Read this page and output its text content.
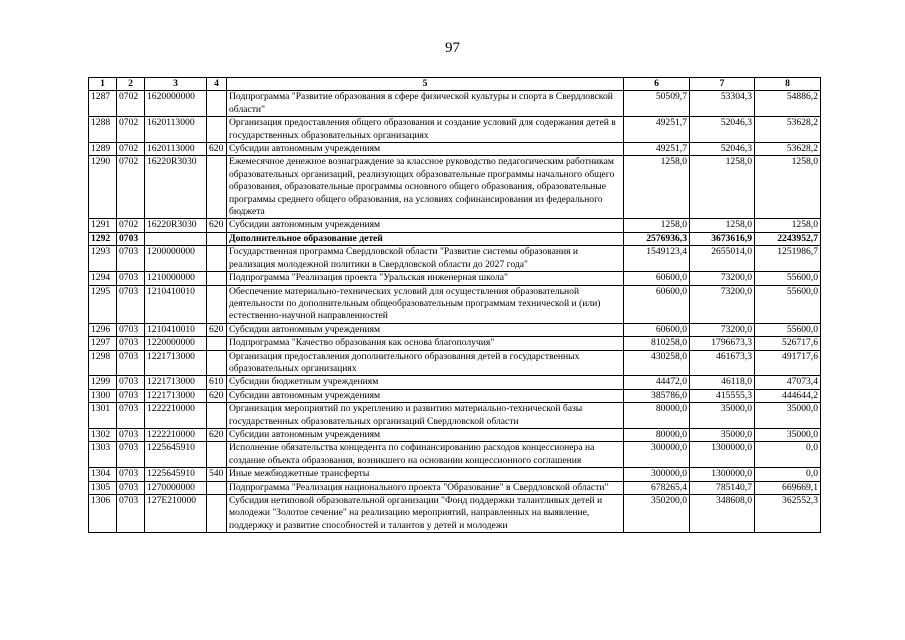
97
1	2	3	4	5	6	7	8
1287	0702	1620000000		Подпрограмма "Развитие образования в сфере физической культуры и спорта в Свердловской области"	50509,7	53304,3	54886,2
1288	0702	1620113000		Организация предоставления общего образования и создание условий для содержания детей в государственных образовательных организациях	49251,7	52046,3	53628,2
1289	0702	1620113000	620	Субсидии автономным учреждениям	49251,7	52046,3	53628,2
1290	0702	16220R3030		Ежемесячное денежное вознаграждение за классное руководство педагогическим работникам образовательных организаций, реализующих образовательные программы начального общего образования, образовательные программы основного общего образования, образовательные программы среднего общего образования, на условиях софинансирования из федерального бюджета	1258,0	1258,0	1258,0
1291	0702	16220R3030	620	Субсидии автономным учреждениям	1258,0	1258,0	1258,0
1292	0703			Дополнительное образование детей	2576936,3	3673616,9	2243952,7
1293	0703	1200000000		Государственная программа Свердловской области "Развитие системы образования и реализация молодежной политики в Свердловской области до 2027 года"	1549123,4	2655014,0	1251986,7
1294	0703	1210000000		Подпрограмма "Реализация проекта "Уральская инженерная школа"	60600,0	73200,0	55600,0
1295	0703	1210410010		Обеспечение материально-технических условий для осуществления образовательной деятельности по дополнительным общеобразовательным программам технической и (или) естественно-научной направленностей	60600,0	73200,0	55600,0
1296	0703	1210410010	620	Субсидии автономным учреждениям	60600,0	73200,0	55600,0
1297	0703	1220000000		Подпрограмма "Качество образования как основа благополучия"	810258,0	1796673,3	526717,6
1298	0703	1221713000		Организация предоставления дополнительного образования детей в государственных образовательных организациях	430258,0	461673,3	491717,6
1299	0703	1221713000	610	Субсидии бюджетным учреждениям	44472,0	46118,0	47073,4
1300	0703	1221713000	620	Субсидии автономным учреждениям	385786,0	415555,3	444644,2
1301	0703	1222210000		Организация мероприятий по укреплению и развитию материально-технической базы государственных образовательных организаций Свердловской области	80000,0	35000,0	35000,0
1302	0703	1222210000	620	Субсидии автономным учреждениям	80000,0	35000,0	35000,0
1303	0703	1225645910		Исполнение обязательства концедента по софинансированию расходов концессионера на создание объекта образования, возникшего на основании концессионного соглашения	300000,0	1300000,0	0,0
1304	0703	1225645910	540	Иные межбюджетные трансферты	300000,0	1300000,0	0,0
1305	0703	1270000000		Подпрограмма "Реализация национального проекта "Образование" в Свердловской области"	678265,4	785140,7	669669,1
1306	0703	127E210000		Субсидия нетиповой образовательной организации "Фонд поддержки талантливых детей и молодежи "Золотое сечение" на реализацию мероприятий, направленных на выявление, поддержку и развитие способностей и талантов у детей и молодежи	350200,0	348608,0	362552,3
